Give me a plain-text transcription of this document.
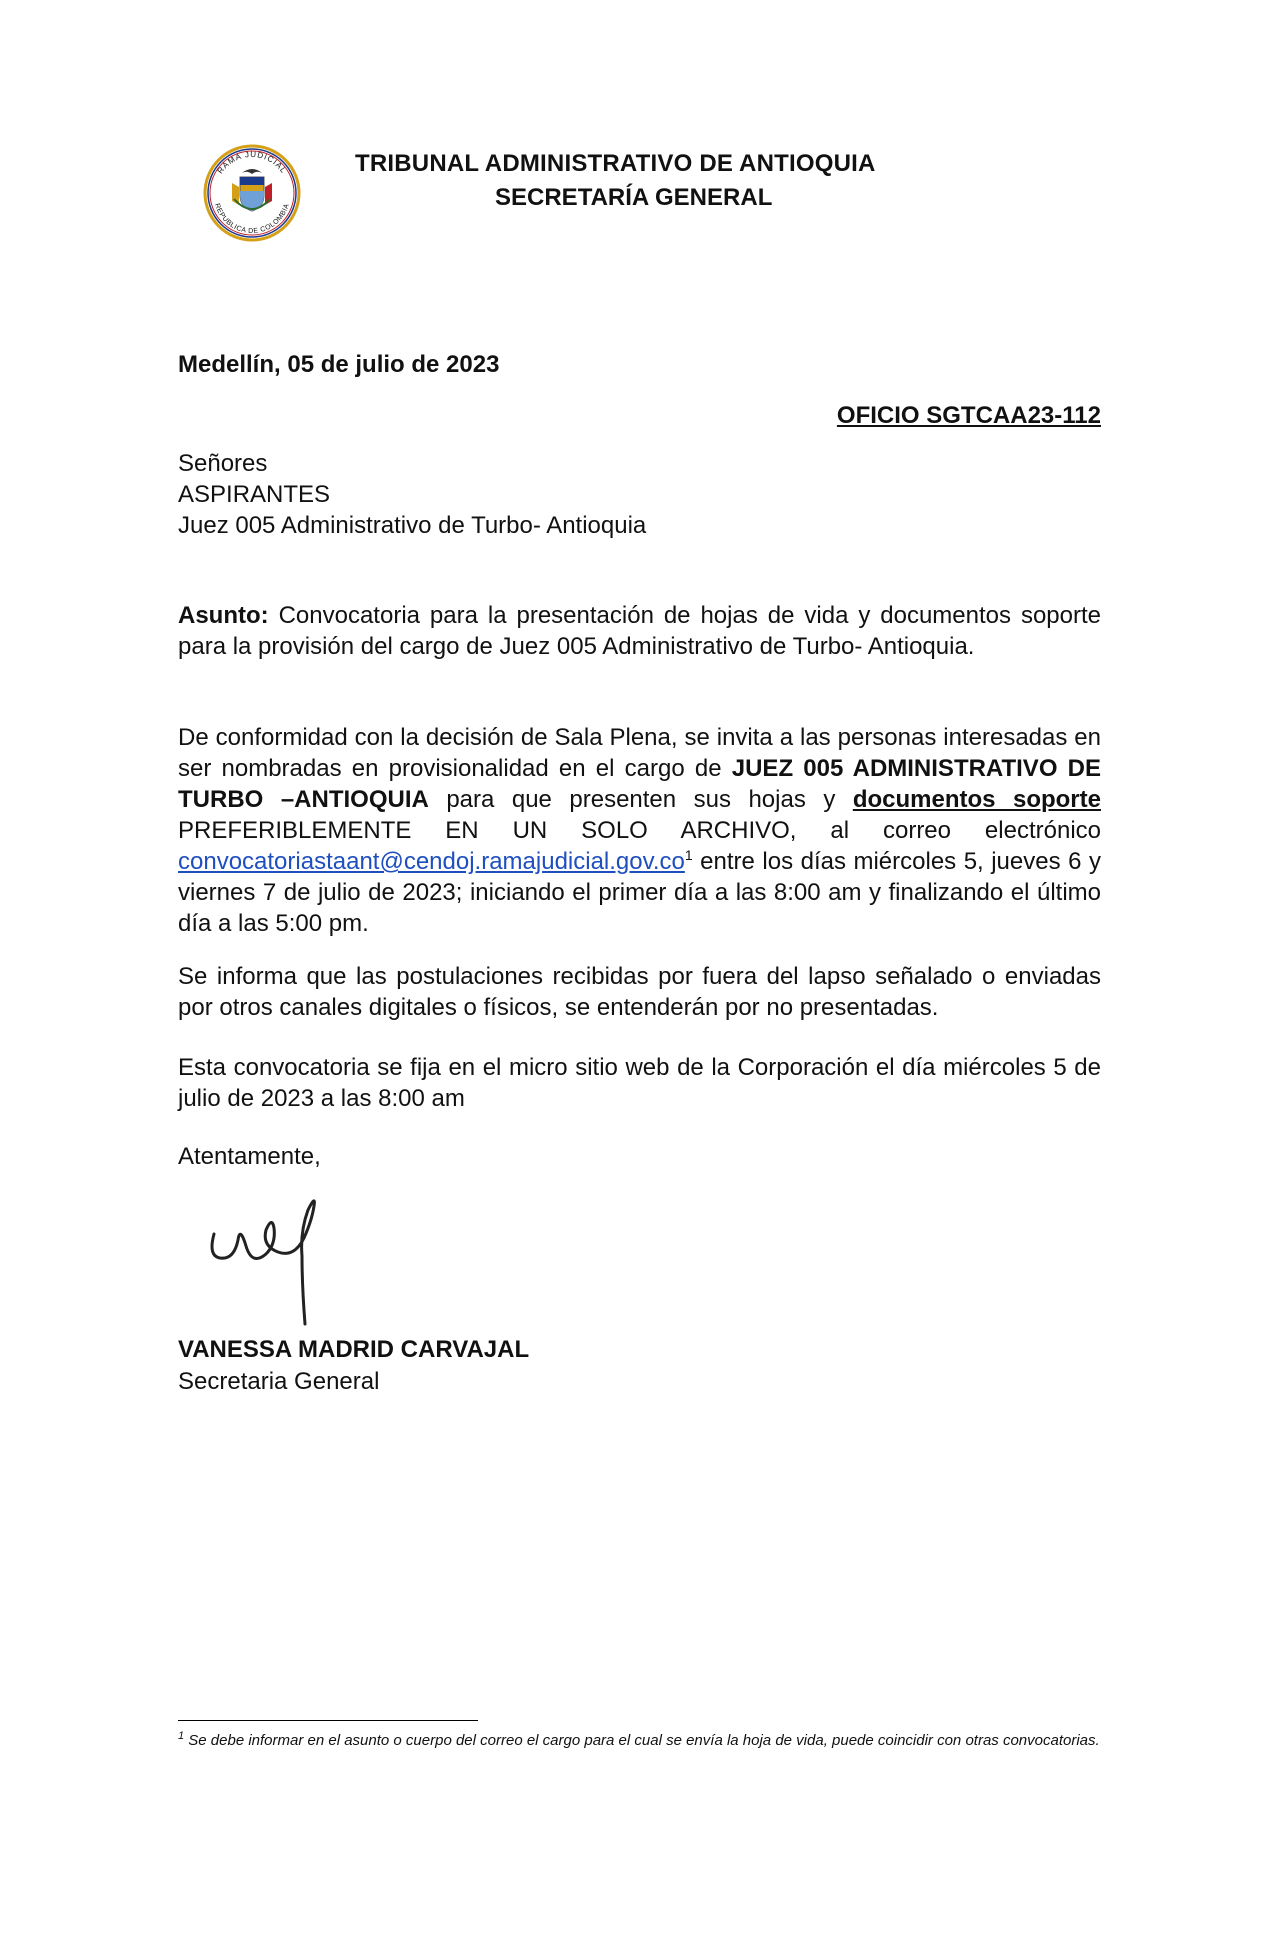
RAMA JUDICIAL
REPUBLICA DE COLOMBIA
TRIBUNAL ADMINISTRATIVO DE ANTIOQUIA
SECRETARÍA GENERAL
Medellín, 05 de julio de 2023
OFICIO SGTCAA23-112
Señores
ASPIRANTES
Juez 005 Administrativo de Turbo- Antioquia
Asunto: Convocatoria para la presentación de hojas de vida y documentos soporte para la provisión del cargo de Juez 005 Administrativo de Turbo- Antioquia.
De conformidad con la decisión de Sala Plena, se invita a las personas interesadas en ser nombradas en provisionalidad en el cargo de JUEZ 005 ADMINISTRATIVO DE TURBO –ANTIOQUIA para que presenten sus hojas y documentos soporte PREFERIBLEMENTE EN UN SOLO ARCHIVO, al correo electrónico $convocatoriastaant@cendoj.ramajudicial.gov.co^1$ entre los días miércoles 5, jueves 6 y viernes 7 de julio de 2023; iniciando el primer día a las 8:00 am y finalizando el último día a las 5:00 pm.
Se informa que las postulaciones recibidas por fuera del lapso señalado o enviadas por otros canales digitales o físicos, se entenderán por no presentadas.
Esta convocatoria se fija en el micro sitio web de la Corporación el día miércoles 5 de julio de 2023 a las 8:00 am
Atentamente,
VANESSA MADRID CARVAJAL
Secretaria General
$^1$ Se debe informar en el asunto o cuerpo del correo el cargo para el cual se envía la hoja de vida, puede coincidir con otras convocatorias.
